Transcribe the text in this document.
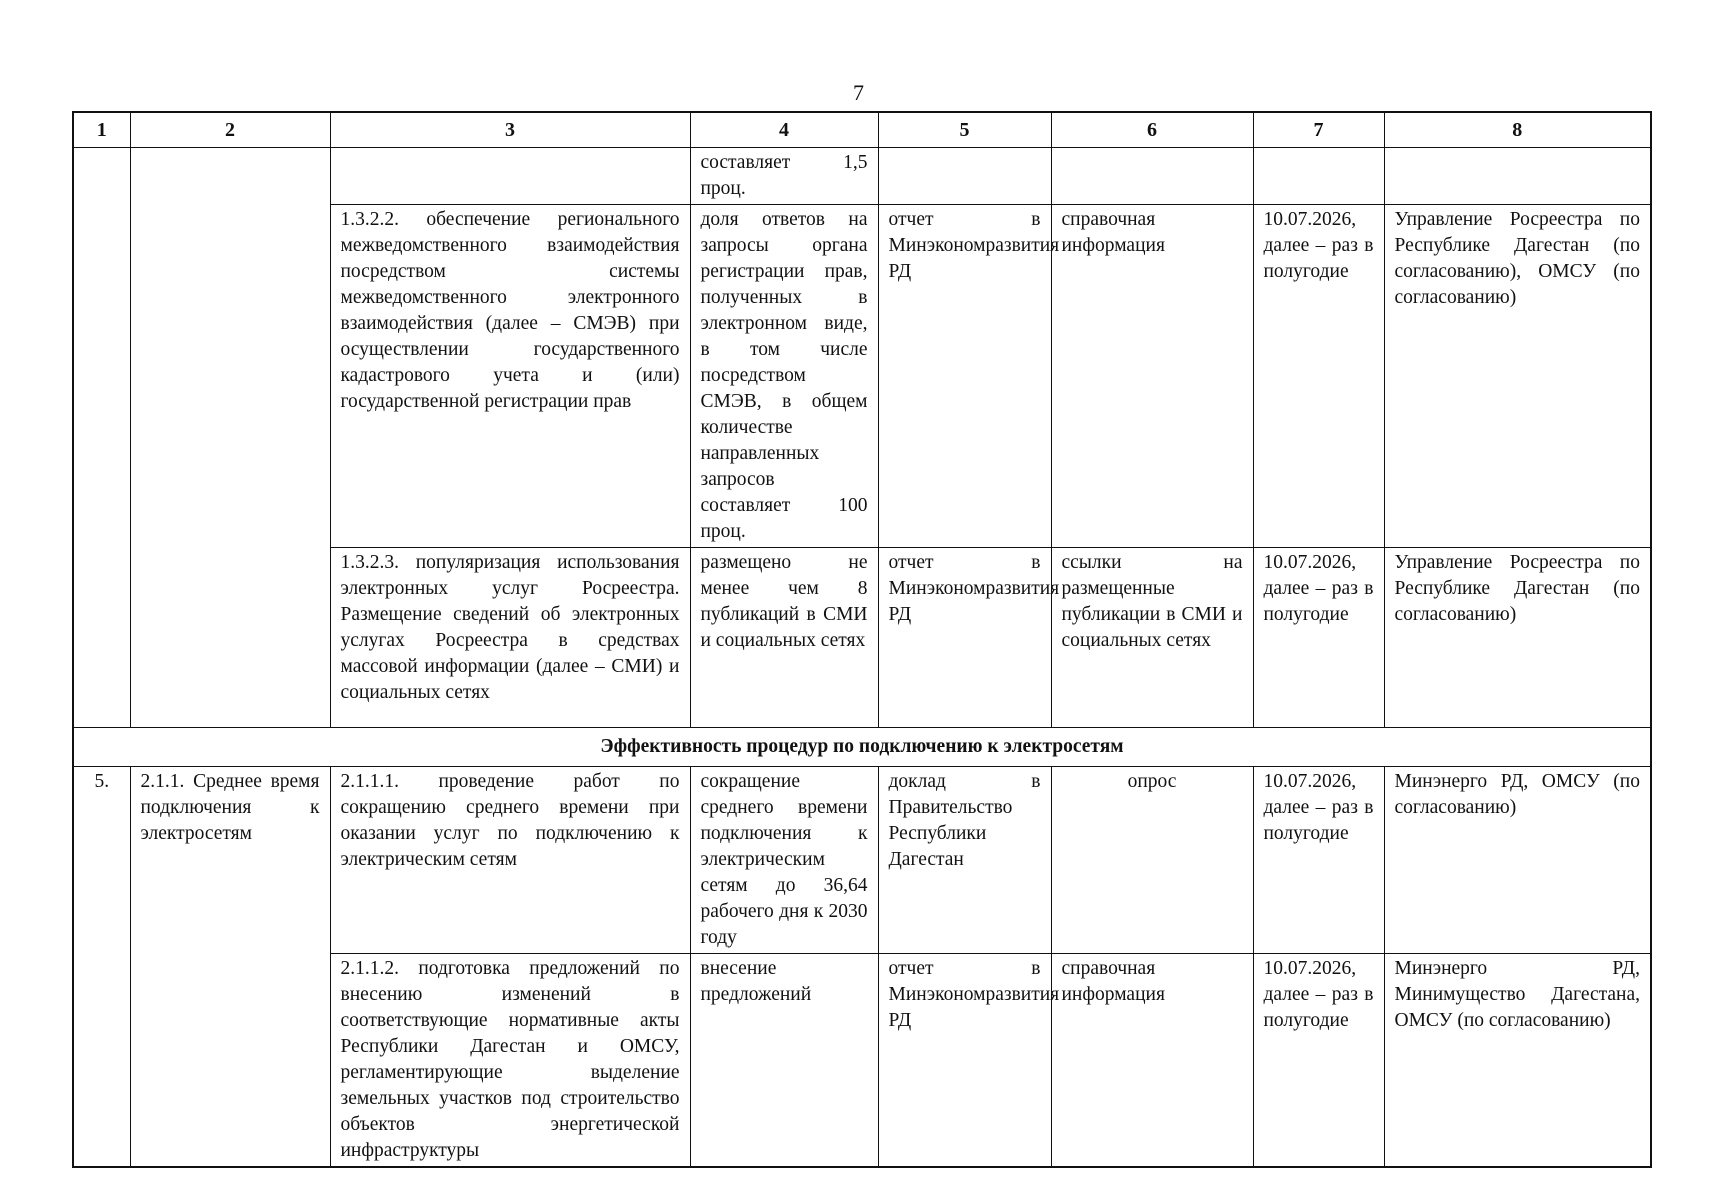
7
1	2	3	4	5	6	7	8
			составляет 1,5 проц.				
		1.3.2.2. обеспечение регионального межведомственного взаимодействия посредством системы межведомственного электронного взаимодействия (далее – СМЭВ) при осуществлении государственного кадастрового учета и (или) государственной регистрации прав	доля ответов на запросы органа регистрации прав, полученных в электронном виде, в том числе посредством СМЭВ, в общем количестве направленных запросов составляет 100 проц.	отчет в Минэкономразвития РД	справочная информация	10.07.2026, далее – раз в полугодие	Управление Росреестра по Республике Дагестан (по согласованию), ОМСУ (по согласованию)
		1.3.2.3. популяризация использования электронных услуг Росреестра. Размещение сведений об электронных услугах Росреестра в средствах массовой информации (далее – СМИ) и социальных сетях	размещено не менее чем 8 публикаций в СМИ и социальных сетях	отчет в Минэкономразвития РД	ссылки на размещенные публикации в СМИ и социальных сетях	10.07.2026, далее – раз в полугодие	Управление Росреестра по Республике Дагестан (по согласованию)
Эффективность процедур по подключению к электросетям							
5.	2.1.1. Среднее время подключения к электросетям	2.1.1.1. проведение работ по сокращению среднего времени при оказании услуг по подключению к электрическим сетям	сокращение среднего времени подключения к электрическим сетям до 36,64 рабочего дня к 2030 году	доклад в Правительство Республики Дагестан	опрос	10.07.2026, далее – раз в полугодие	Минэнерго РД, ОМСУ (по согласованию)
		2.1.1.2. подготовка предложений по внесению изменений в соответствующие нормативные акты Республики Дагестан и ОМСУ, регламентирующие выделение земельных участков под строительство объектов энергетической инфраструктуры	внесение предложений	отчет в Минэкономразвития РД	справочная информация	10.07.2026, далее – раз в полугодие	Минэнерго РД, Минимущество Дагестана, ОМСУ (по согласованию)
